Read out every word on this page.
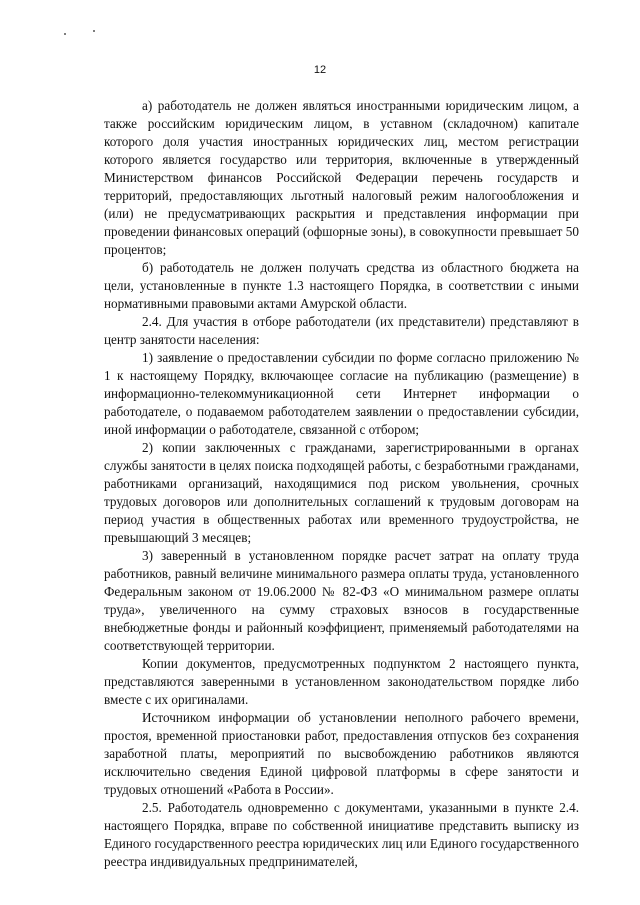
12

а) работодатель не должен являться иностранными юридическим лицом, а также российским юридическим лицом, в уставном (складочном) капитале которого доля участия иностранных юридических лиц, местом регистрации которого является государство или территория, включенные в утвержденный Министерством финансов Российской Федерации перечень государств и территорий, предоставляющих льготный налоговый режим налогообложения и (или) не предусматривающих раскрытия и представления информации при проведении финансовых операций (офшорные зоны), в совокупности превышает 50 процентов;

б) работодатель не должен получать средства из областного бюджета на цели, установленные в пункте 1.3 настоящего Порядка, в соответствии с иными нормативными правовыми актами Амурской области.

2.4. Для участия в отборе работодатели (их представители) представляют в центр занятости населения:

1) заявление о предоставлении субсидии по форме согласно приложению № 1 к настоящему Порядку, включающее согласие на публикацию (размещение) в информационно-телекоммуникационной сети Интернет информации о работодателе, о подаваемом работодателем заявлении о предоставлении субсидии, иной информации о работодателе, связанной с отбором;

2) копии заключенных с гражданами, зарегистрированными в органах службы занятости в целях поиска подходящей работы, с безработными гражданами, работниками организаций, находящимися под риском увольнения, срочных трудовых договоров или дополнительных соглашений к трудовым договорам на период участия в общественных работах или временного трудоустройства, не превышающий 3 месяцев;

3) заверенный в установленном порядке расчет затрат на оплату труда работников, равный величине минимального размера оплаты труда, установленного Федеральным законом от 19.06.2000 № 82-ФЗ «О минимальном размере оплаты труда», увеличенного на сумму страховых взносов в государственные внебюджетные фонды и районный коэффициент, применяемый работодателями на соответствующей территории.

Копии документов, предусмотренных подпунктом 2 настоящего пункта, представляются заверенными в установленном законодательством порядке либо вместе с их оригиналами.

Источником информации об установлении неполного рабочего времени, простоя, временной приостановки работ, предоставления отпусков без сохранения заработной платы, мероприятий по высвобождению работников являются исключительно сведения Единой цифровой платформы в сфере занятости и трудовых отношений «Работа в России».

2.5. Работодатель одновременно с документами, указанными в пункте 2.4. настоящего Порядка, вправе по собственной инициативе представить выписку из Единого государственного реестра юридических лиц или Единого государственного реестра индивидуальных предпринимателей,
